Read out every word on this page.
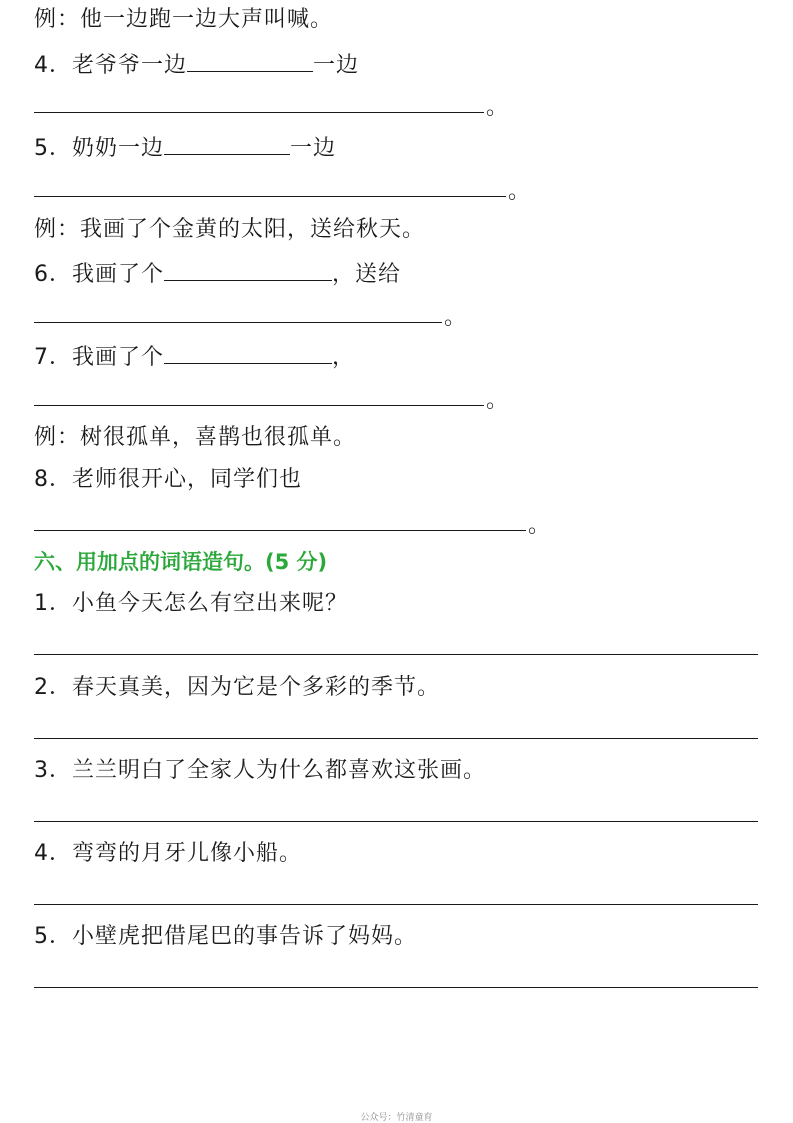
例：他一边跑一边大声叫喊。
4．老爷爷一边	一边
。
5．奶奶一边	一边
。
例：我画了个金黄的太阳，送给秋天。
6．我画了个	，送给
。
7．我画了个	，
。
例：树很孤单，喜鹊也很孤单。
8．老师很开心，同学们也
。
六、用加点的词语造句。(5 分)
1．小鱼今天怎么有空出来呢？
2．春天真美，因为它是个多彩的季节。
3．兰兰明白了全家人为什么都喜欢这张画。
4．弯弯的月牙儿像小船。
5．小壁虎把借尾巴的事告诉了妈妈。
公众号：竹清童育
